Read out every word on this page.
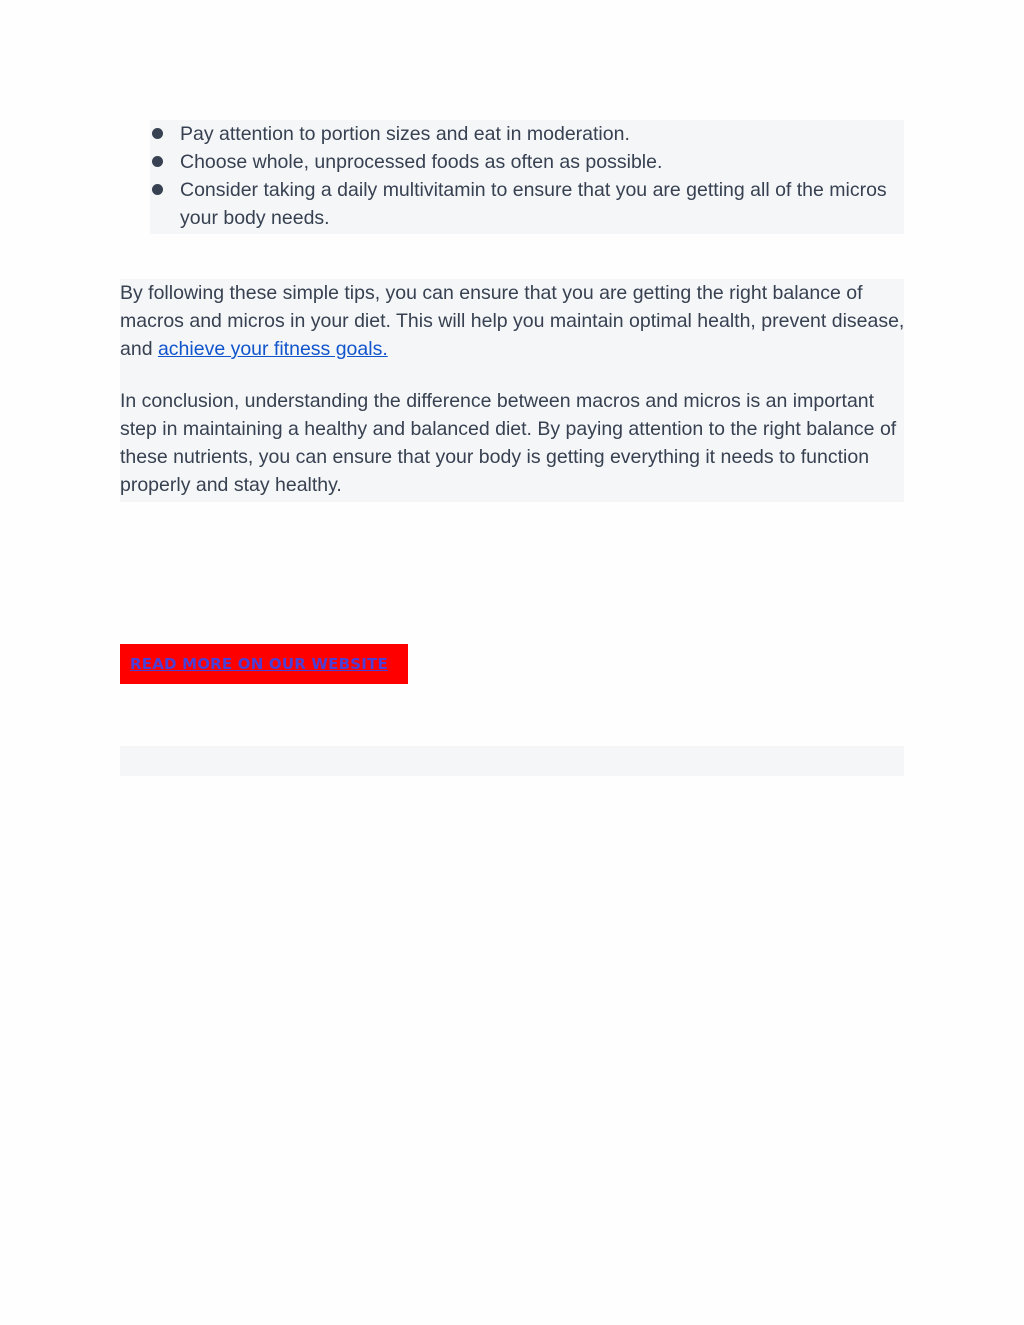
Pay attention to portion sizes and eat in moderation.
Choose whole, unprocessed foods as often as possible.
Consider taking a daily multivitamin to ensure that you are getting all of the micros your body needs.

By following these simple tips, you can ensure that you are getting the right balance of macros and micros in your diet. This will help you maintain optimal health, prevent disease, and achieve your fitness goals.

In conclusion, understanding the difference between macros and micros is an important step in maintaining a healthy and balanced diet. By paying attention to the right balance of these nutrients, you can ensure that your body is getting everything it needs to function properly and stay healthy.

READ MORE ON OUR WEBSITE
